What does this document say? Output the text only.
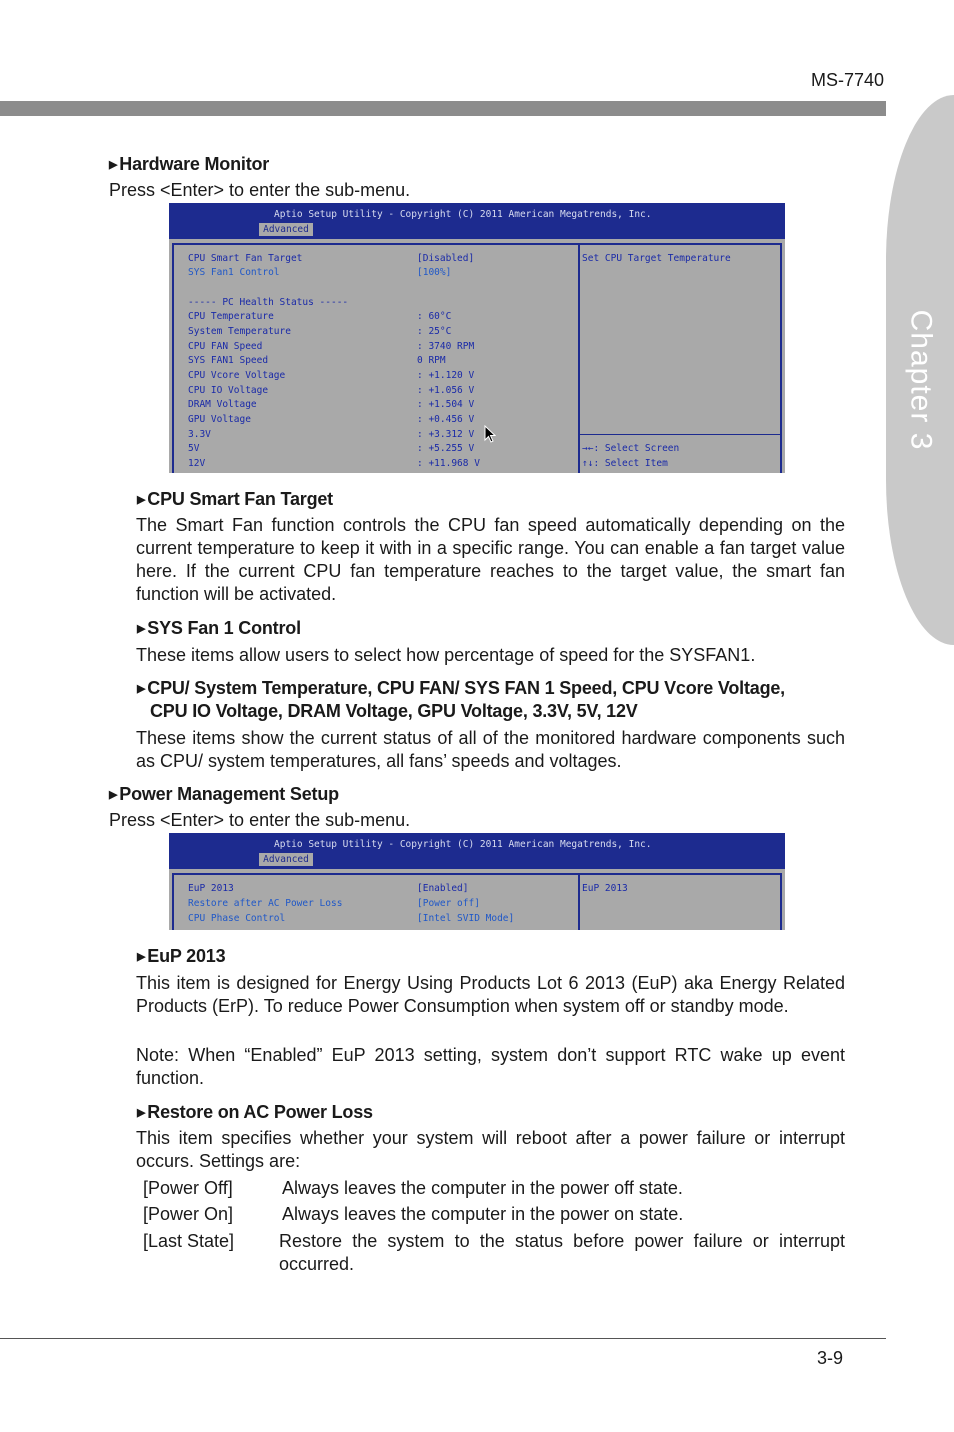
MS-7740
Chapter 3
▶ Hardware Monitor
Press <Enter> to enter the sub-menu.
Aptio Setup Utility - Copyright (C) 2011 American Megatrends, Inc.
Advanced
CPU Smart Fan Target	[Disabled]
SYS Fan1 Control	[100%]
----- PC Health Status -----
CPU Temperature	: 60°C
System Temperature	: 25°C
CPU FAN Speed	: 3740 RPM
SYS FAN1 Speed	0 RPM
CPU Vcore Voltage	: +1.120 V
CPU IO Voltage	: +1.056 V
DRAM Voltage	: +1.504 V
GPU Voltage	: +0.456 V
3.3V	: +3.312 V
5V	: +5.255 V
12V	: +11.968 V
Set CPU Target Temperature
→←: Select Screen
↑↓: Select Item
▶ CPU Smart Fan Target
The Smart Fan function controls the CPU fan speed automatically depending on the current temperature to keep it with in a specific range. You can enable a fan target value here. If the current CPU fan temperature reaches to the target value, the smart fan function will be activated.
▶ SYS Fan 1 Control
These items allow users to select how percentage of speed for the SYSFAN1.
▶ CPU/ System Temperature, CPU FAN/ SYS FAN 1 Speed, CPU Vcore Voltage,
CPU IO Voltage, DRAM Voltage, GPU Voltage, 3.3V, 5V, 12V
These items show the current status of all of the monitored hardware components such as CPU/ system temperatures, all fans’ speeds and voltages.
▶ Power Management Setup
Press <Enter> to enter the sub-menu.
Aptio Setup Utility - Copyright (C) 2011 American Megatrends, Inc.
Advanced
EuP 2013	[Enabled]
Restore after AC Power Loss	[Power off]
CPU Phase Control	[Intel SVID Mode]
EuP 2013
▶ EuP 2013
This item is designed for Energy Using Products Lot 6 2013 (EuP) aka Energy Related Products (ErP). To reduce Power Consumption when system off or standby mode.
Note: When “Enabled” EuP 2013 setting, system don’t support RTC wake up event function.
▶ Restore on AC Power Loss
This item specifies whether your system will reboot after a power failure or interrupt occurs. Settings are:
[Power Off]	Always leaves the computer in the power off state.
[Power On]	Always leaves the computer in the power on state.
[Last State] Restore the system to the status before power failure or interrupt occurred.
3-9
